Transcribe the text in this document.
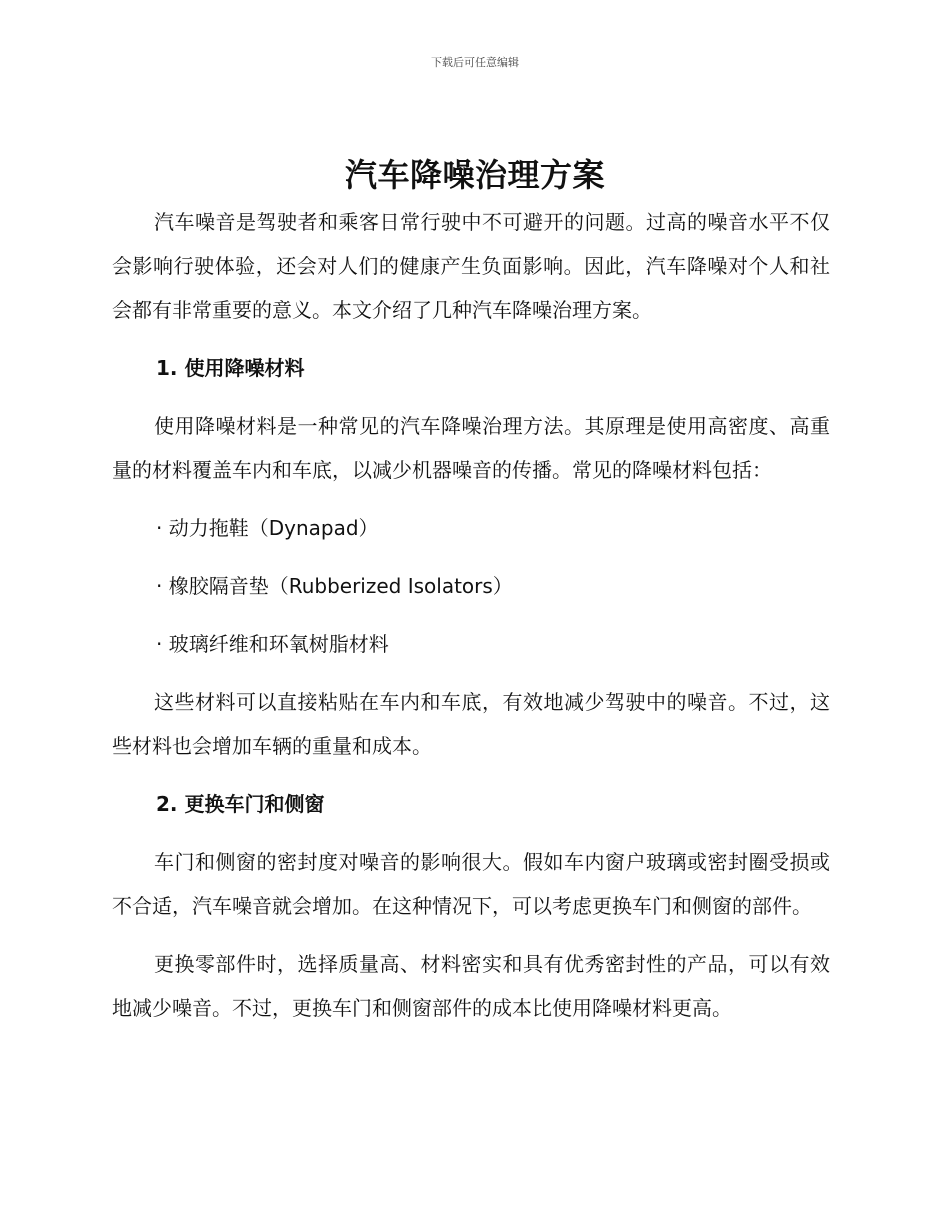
下载后可任意编辑
汽车降噪治理方案

汽车噪音是驾驶者和乘客日常行驶中不可避开的问题。过高的噪音水平不仅会影响行驶体验，还会对人们的健康产生负面影响。因此，汽车降噪对个人和社会都有非常重要的意义。本文介绍了几种汽车降噪治理方案。

1. 使用降噪材料

使用降噪材料是一种常见的汽车降噪治理方法。其原理是使用高密度、高重量的材料覆盖车内和车底，以减少机器噪音的传播。常见的降噪材料包括：

· 动力拖鞋（Dynapad）

· 橡胶隔音垫（Rubberized Isolators）

· 玻璃纤维和环氧树脂材料

这些材料可以直接粘贴在车内和车底，有效地减少驾驶中的噪音。不过，这些材料也会增加车辆的重量和成本。

2. 更换车门和侧窗

车门和侧窗的密封度对噪音的影响很大。假如车内窗户玻璃或密封圈受损或不合适，汽车噪音就会增加。在这种情况下，可以考虑更换车门和侧窗的部件。

更换零部件时，选择质量高、材料密实和具有优秀密封性的产品，可以有效地减少噪音。不过，更换车门和侧窗部件的成本比使用降噪材料更高。
